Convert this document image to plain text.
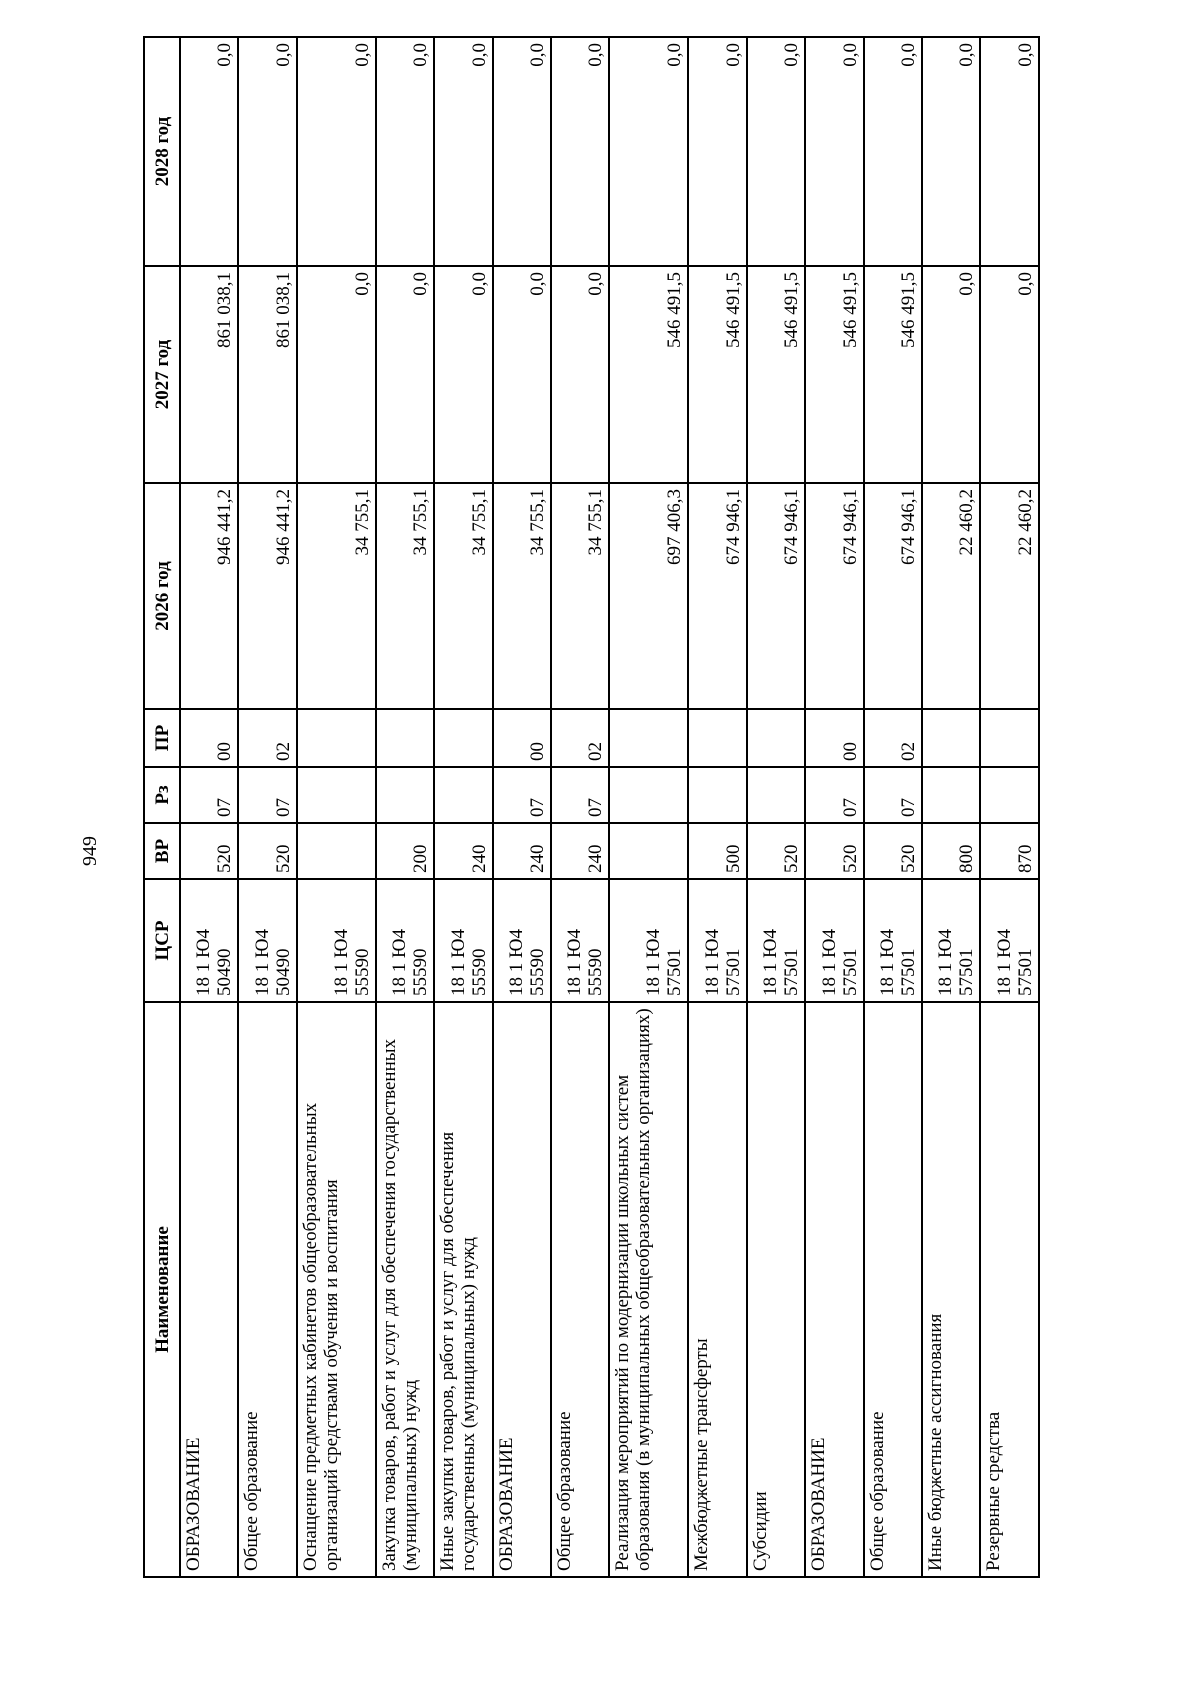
949
Наименование	ЦСР	ВР	Рз	ПР	2026 год	2027 год	2028 год
ОБРАЗОВАНИЕ	18 1 Ю4 50490	520	07	00	946 441,2	861 038,1	0,0
Общее образование	18 1 Ю4 50490	520	07	02	946 441,2	861 038,1	0,0
Оснащение предметных кабинетов общеобразовательных организаций средствами обучения и воспитания	18 1 Ю4 55590				34 755,1	0,0	0,0
Закупка товаров, работ и услуг для обеспечения государственных (муниципальных) нужд	18 1 Ю4 55590	200			34 755,1	0,0	0,0
Иные закупки товаров, работ и услуг для обеспечения государственных (муниципальных) нужд	18 1 Ю4 55590	240			34 755,1	0,0	0,0
ОБРАЗОВАНИЕ	18 1 Ю4 55590	240	07	00	34 755,1	0,0	0,0
Общее образование	18 1 Ю4 55590	240	07	02	34 755,1	0,0	0,0
Реализация мероприятий по модернизации школьных систем образования (в муниципальных общеобразовательных организациях)	18 1 Ю4 57501				697 406,3	546 491,5	0,0
Межбюджетные трансферты	18 1 Ю4 57501	500			674 946,1	546 491,5	0,0
Субсидии	18 1 Ю4 57501	520			674 946,1	546 491,5	0,0
ОБРАЗОВАНИЕ	18 1 Ю4 57501	520	07	00	674 946,1	546 491,5	0,0
Общее образование	18 1 Ю4 57501	520	07	02	674 946,1	546 491,5	0,0
Иные бюджетные ассигнования	18 1 Ю4 57501	800			22 460,2	0,0	0,0
Резервные средства	18 1 Ю4 57501	870			22 460,2	0,0	0,0
